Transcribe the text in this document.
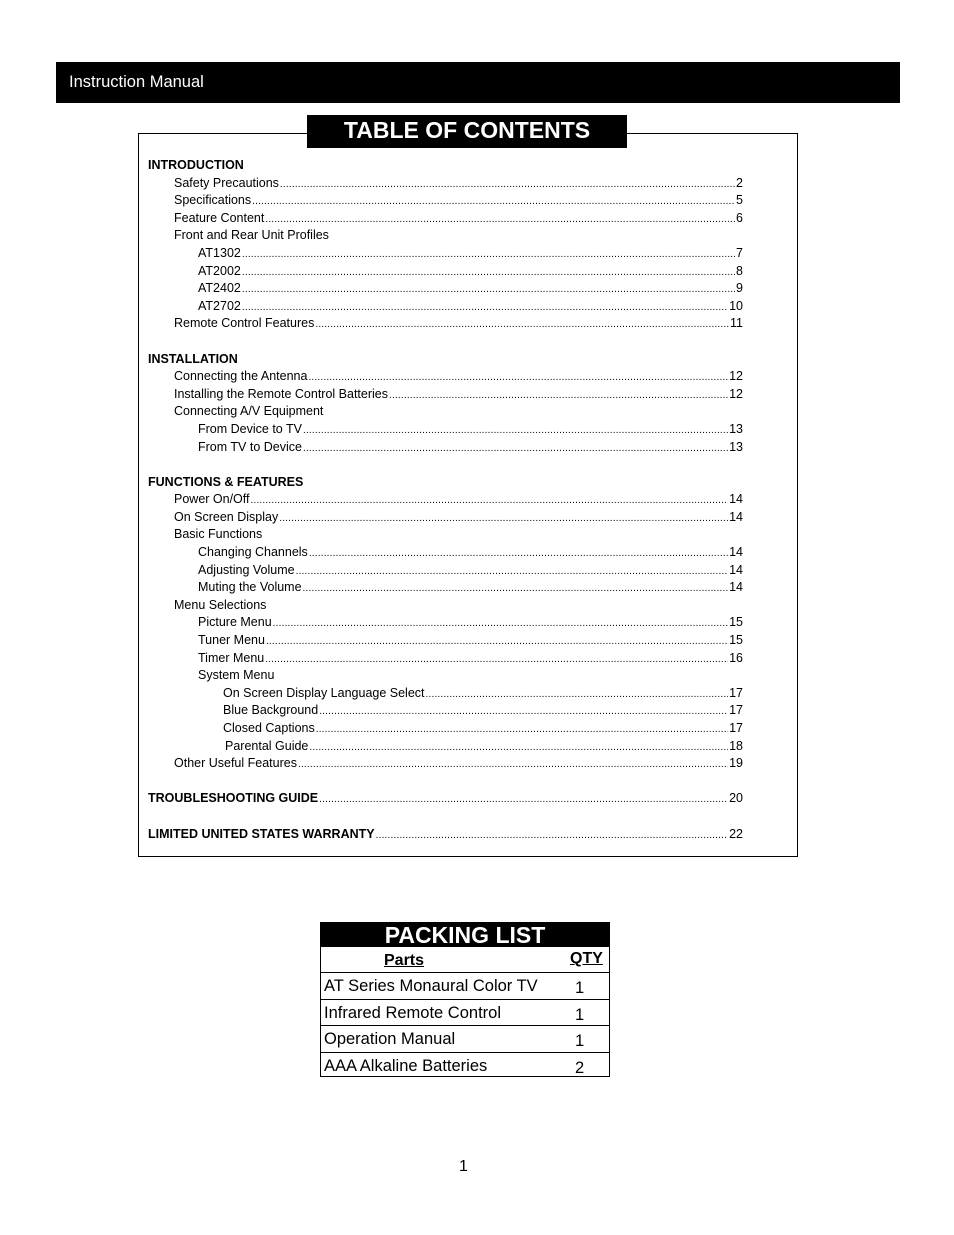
Instruction Manual
TABLE OF CONTENTS
INTRODUCTION
Safety Precautions .....	2
Specifications .....	5
Feature Content .....	6
Front and Rear Unit Profiles
AT1302 .....	7
AT2002 .....	8
AT2402 .....	9
AT2702 .....	10
Remote Control Features .....	11
INSTALLATION
Connecting the Antenna .....	12
Installing the Remote Control Batteries .....	12
Connecting A/V Equipment
From Device to TV .....	13
From TV to Device .....	13
FUNCTIONS & FEATURES
Power On/Off .....	14
On Screen Display .....	14
Basic Functions
Changing Channels .....	14
Adjusting Volume .....	14
Muting the Volume .....	14
Menu Selections
Picture Menu .....	15
Tuner Menu .....	15
Timer Menu .....	16
System Menu
On Screen Display Language Select .....	17
Blue Background .....	17
Closed Captions .....	17
Parental Guide .....	18
Other Useful Features .....	19
TROUBLESHOOTING GUIDE .....	20
LIMITED UNITED STATES WARRANTY .....	22
PACKING LIST
Parts	QTY
AT Series Monaural Color TV 1
Infrared Remote Control	1
Operation Manual	1
AAA Alkaline Batteries	2
1
